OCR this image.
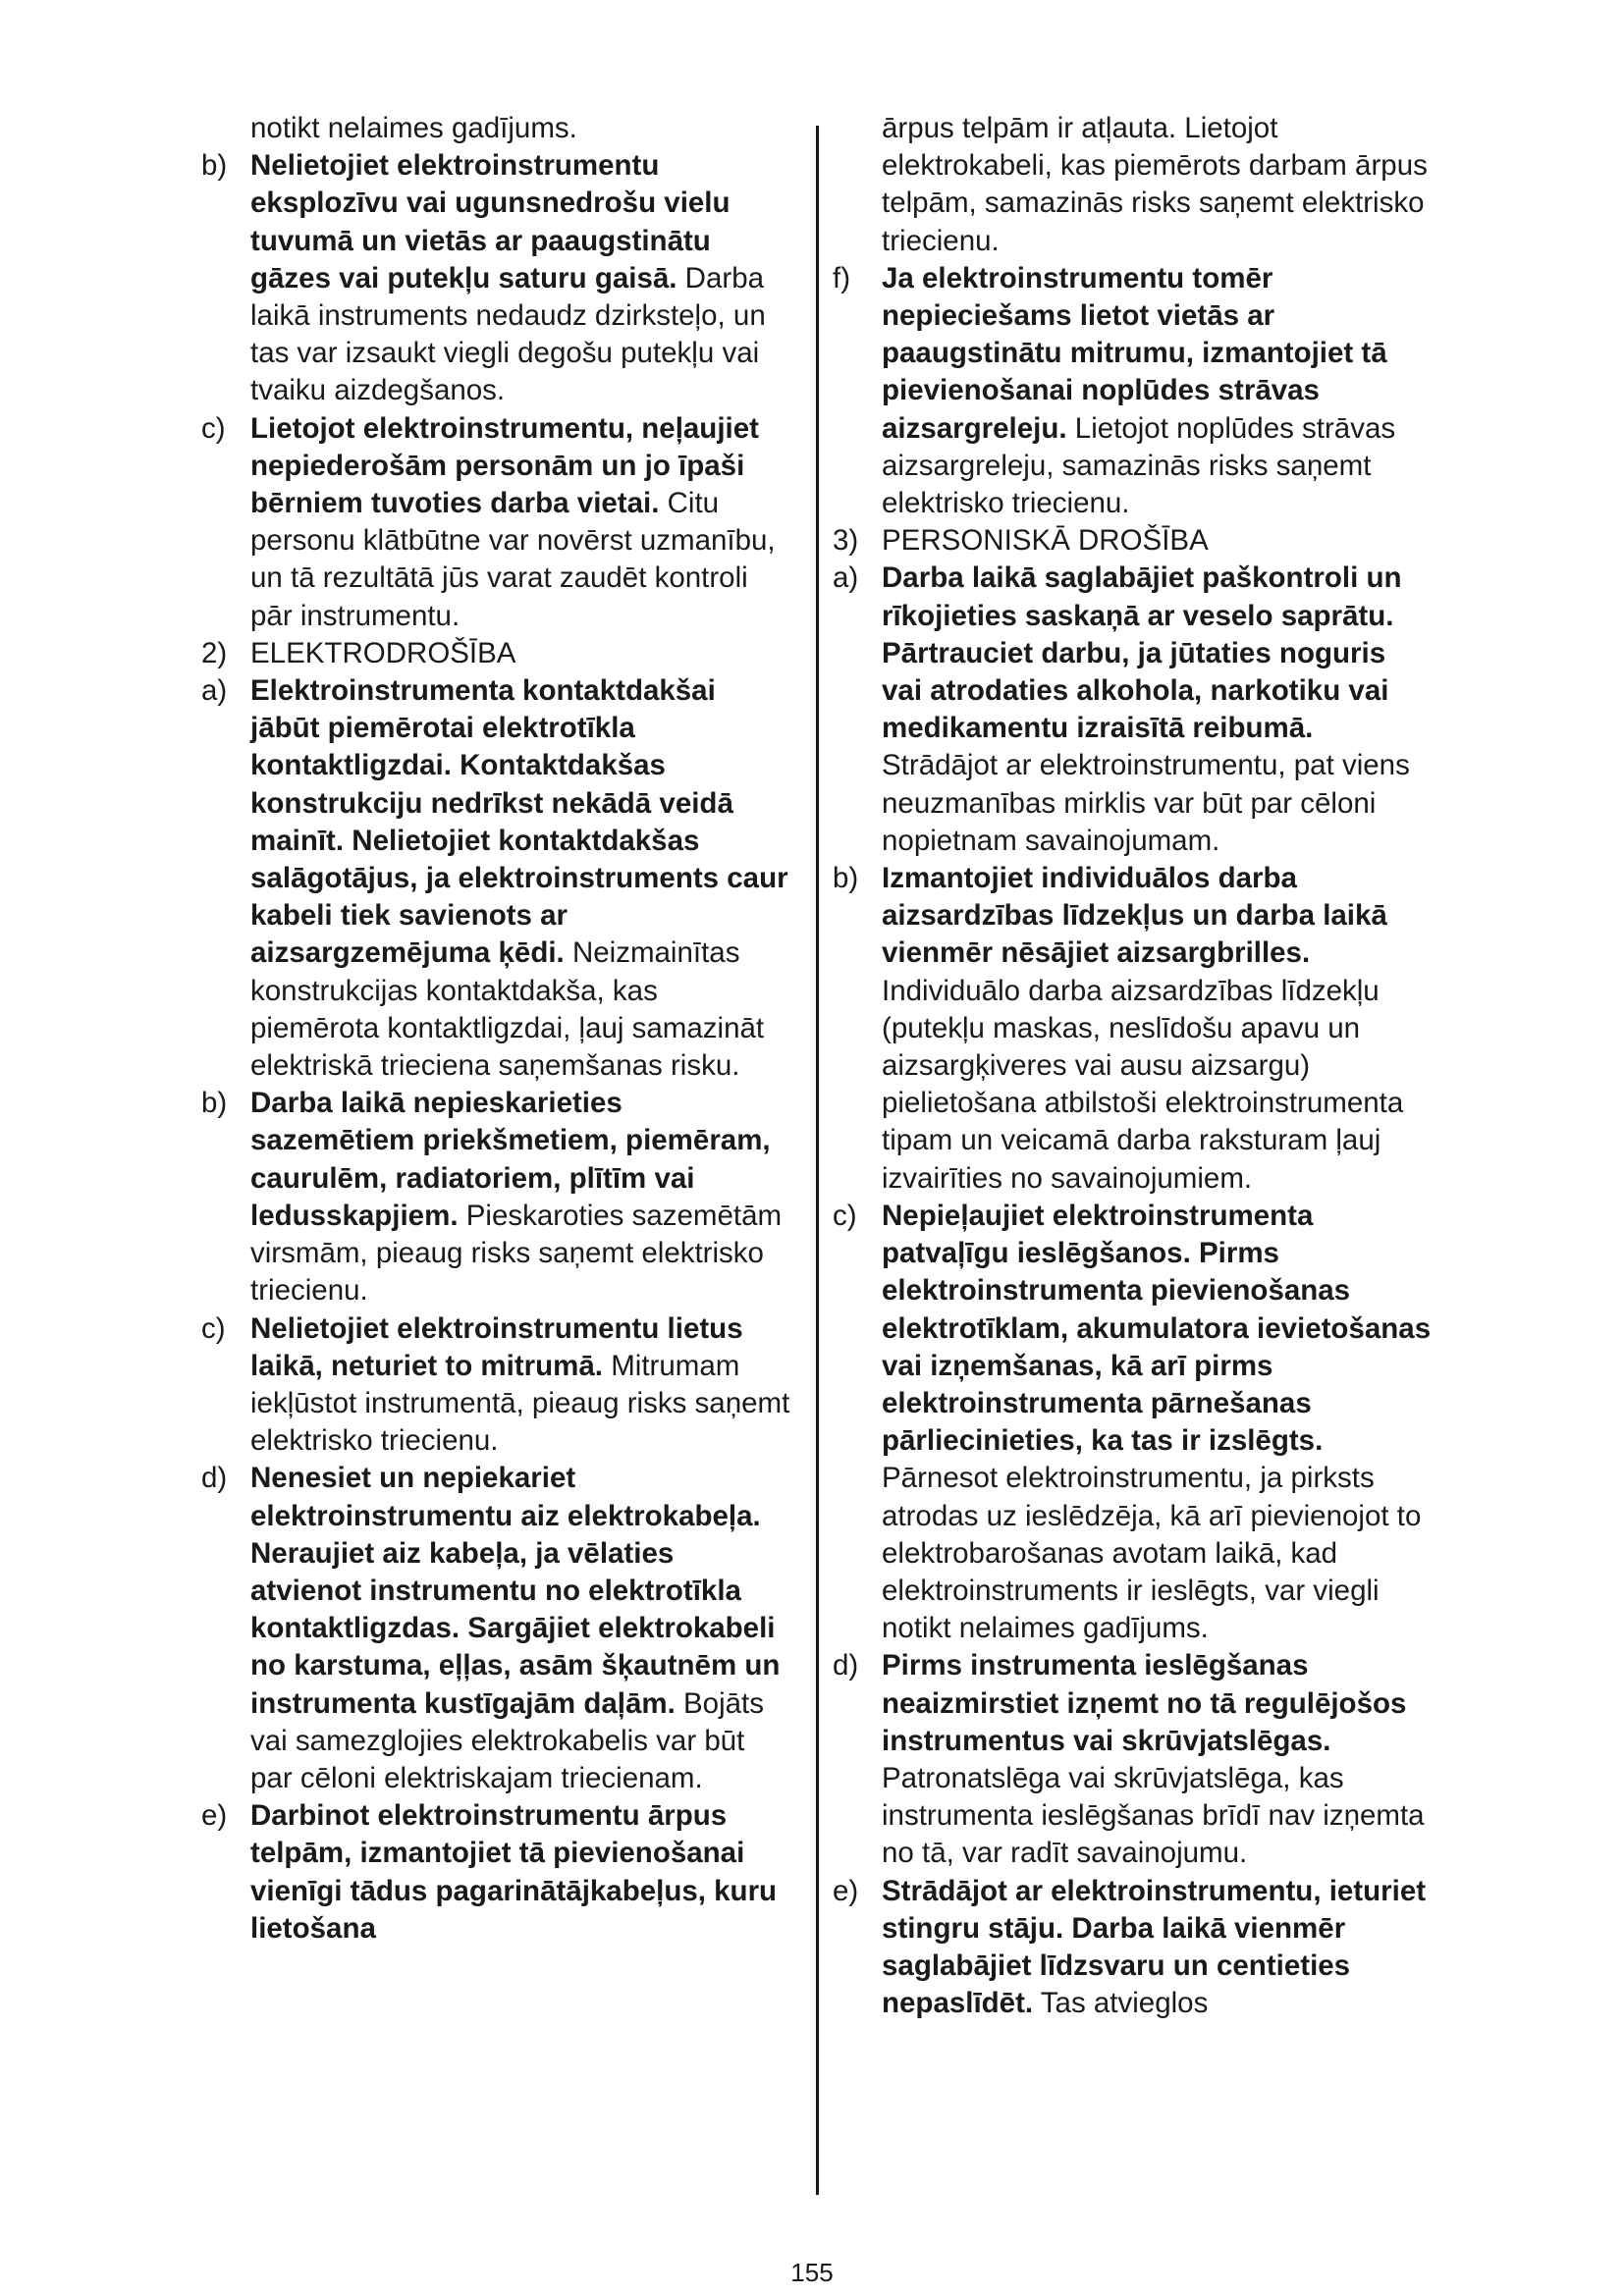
notikt nelaimes gadījums.
b) Nelietojiet elektroinstrumentu eksplozīvu vai ugunsnedrošu vielu tuvumā un vietās ar paaugstinātu gāzes vai putekļu saturu gaisā. Darba laikā instruments nedaudz dzirksteļo, un tas var izsaukt viegli degošu putekļu vai tvaiku aizdegšanos.
c) Lietojot elektroinstrumentu, neļaujiet nepiederošām personām un jo īpaši bērniem tuvoties darba vietai. Citu personu klātbūtne var novērst uzmanību, un tā rezultātā jūs varat zaudēt kontroli pār instrumentu.
2) ELEKTRODROŠĪBA
a) Elektroinstrumenta kontaktdakšai jābūt piemērotai elektrotīkla kontaktligzdai. Kontaktdakšas konstrukciju nedrīkst nekādā veidā mainīt. Nelietojiet kontaktdakšas salāgotājus, ja elektroinstruments caur kabeli tiek savienots ar aizsargzemējuma ķēdi. Neizmainītas konstrukcijas kontaktdakša, kas piemērota kontaktligzdai, ļauj samazināt elektriskā trieciena saņemšanas risku.
b) Darba laikā nepieskarieties sazemētiem priekšmetiem, piemēram, caurulēm, radiatoriem, plītīm vai ledusskapjiem. Pieskaroties sazemētām virsmām, pieaug risks saņemt elektrisko triecienu.
c) Nelietojiet elektroinstrumentu lietus laikā, neturiet to mitrumā. Mitrumam iekļūstot instrumentā, pieaug risks saņemt elektrisko triecienu.
d) Nenesiet un nepiekariet elektroinstrumentu aiz elektrokabeļa. Neraujiet aiz kabeļa, ja vēlaties atvienot instrumentu no elektrotīkla kontaktligzdas. Sargājiet elektrokabeli no karstuma, eļļas, asām šķautnēm un instrumenta kustīgajām daļām. Bojāts vai samezglojies elektrokabelis var būt par cēloni elektriskajam triecienam.
e) Darbinot elektroinstrumentu ārpus telpām, izmantojiet tā pievienošanai vienīgi tādus pagarinātājkabeļus, kuru lietošana
ārpus telpām ir atļauta. Lietojot elektrokabeli, kas piemērots darbam ārpus telpām, samazinās risks saņemt elektrisko triecienu.
f) Ja elektroinstrumentu tomēr nepieciešams lietot vietās ar paaugstinātu mitrumu, izmantojiet tā pievienošanai noplūdes strāvas aizsargreleju. Lietojot noplūdes strāvas aizsargreleju, samazinās risks saņemt elektrisko triecienu.
3) PERSONISKĀ DROŠĪBA
a) Darba laikā saglabājiet paškontroli un rīkojieties saskaņā ar veselo saprātu. Pārtrauciet darbu, ja jūtaties noguris vai atrodaties alkohola, narkotiku vai medikamentu izraisītā reibumā. Strādājot ar elektroinstrumentu, pat viens neuzmanības mirklis var būt par cēloni nopietnam savainojumam.
b) Izmantojiet individuālos darba aizsardzības līdzekļus un darba laikā vienmēr nēsājiet aizsargbrilles. Individuālo darba aizsardzības līdzekļu (putekļu maskas, neslīdošu apavu un aizsargķiveres vai ausu aizsargu) pielietošana atbilstoši elektroinstrumenta tipam un veicamā darba raksturam ļauj izvairīties no savainojumiem.
c) Nepieļaujiet elektroinstrumenta patvaļīgu ieslēgšanos. Pirms elektroinstrumenta pievienošanas elektrotīklam, akumulatora ievietošanas vai izņemšanas, kā arī pirms elektroinstrumenta pārnešanas pārliecinieties, ka tas ir izslēgts. Pārnesot elektroinstrumentu, ja pirksts atrodas uz ieslēdzēja, kā arī pievienojot to elektrobarošanas avotam laikā, kad elektroinstruments ir ieslēgts, var viegli notikt nelaimes gadījums.
d) Pirms instrumenta ieslēgšanas neaizmirstiet izņemt no tā regulējošos instrumentus vai skrūvjatslēgas. Patronatslēga vai skrūvjatslēga, kas instrumenta ieslēgšanas brīdī nav izņemta no tā, var radīt savainojumu.
e) Strādājot ar elektroinstrumentu, ieturiet stingru stāju. Darba laikā vienmēr saglabājiet līdzsvaru un centieties nepaslīdēt. Tas atvieglos
155
